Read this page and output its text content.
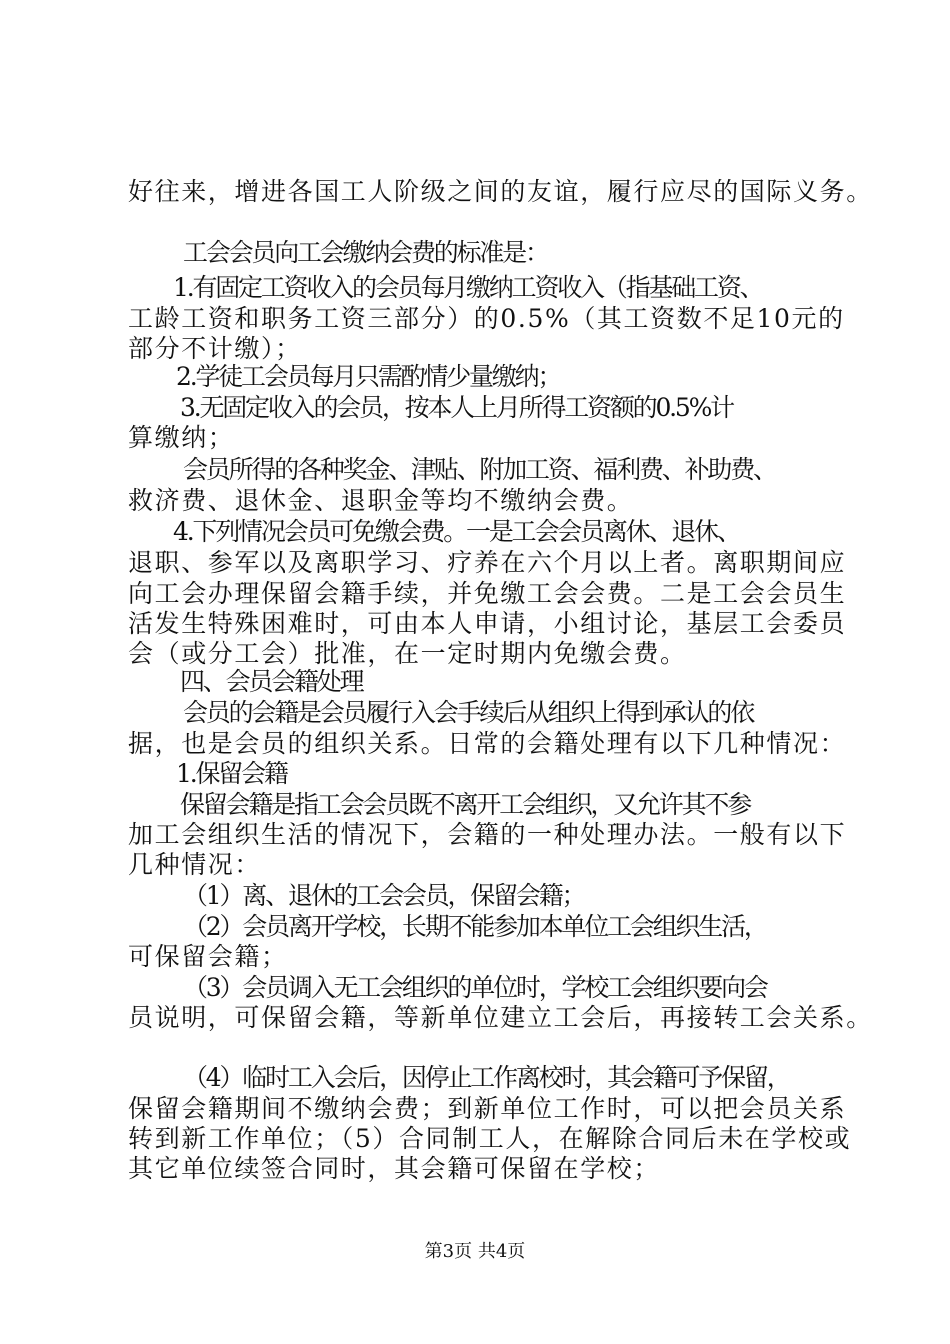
好往来，增进各国工人阶级之间的友谊，履行应尽的国际义务。
工会会员向工会缴纳会费的标准是：
1.有固定工资收入的会员每月缴纳工资收入（指基础工资、
工龄工资和职务工资三部分）的0.5%（其工资数不足10元的
部分不计缴）；
2.学徒工会员每月只需酌情少量缴纳；
3.无固定收入的会员，按本人上月所得工资额的0.5%计
算缴纳；
会员所得的各种奖金、津贴、附加工资、福利费、补助费、
救济费、退休金、退职金等均不缴纳会费。
4.下列情况会员可免缴会费。一是工会会员离休、退休、
退职、参军以及离职学习、疗养在六个月以上者。离职期间应
向工会办理保留会籍手续，并免缴工会会费。二是工会会员生
活发生特殊困难时，可由本人申请，小组讨论，基层工会委员
会（或分工会）批准，在一定时期内免缴会费。
四、会员会籍处理
会员的会籍是会员履行入会手续后从组织上得到承认的依
据，也是会员的组织关系。日常的会籍处理有以下几种情况：
1.保留会籍
保留会籍是指工会会员既不离开工会组织，又允许其不参
加工会组织生活的情况下，会籍的一种处理办法。一般有以下
几种情况：
（1）离、退休的工会会员，保留会籍；
（2）会员离开学校，长期不能参加本单位工会组织生活，
可保留会籍；
（3）会员调入无工会组织的单位时，学校工会组织要向会
员说明，可保留会籍，等新单位建立工会后，再接转工会关系。
（4）临时工入会后，因停止工作离校时，其会籍可予保留，
保留会籍期间不缴纳会费；到新单位工作时，可以把会员关系
转到新工作单位；（5）合同制工人，在解除合同后未在学校或
其它单位续签合同时，其会籍可保留在学校；
第3页 共4页
